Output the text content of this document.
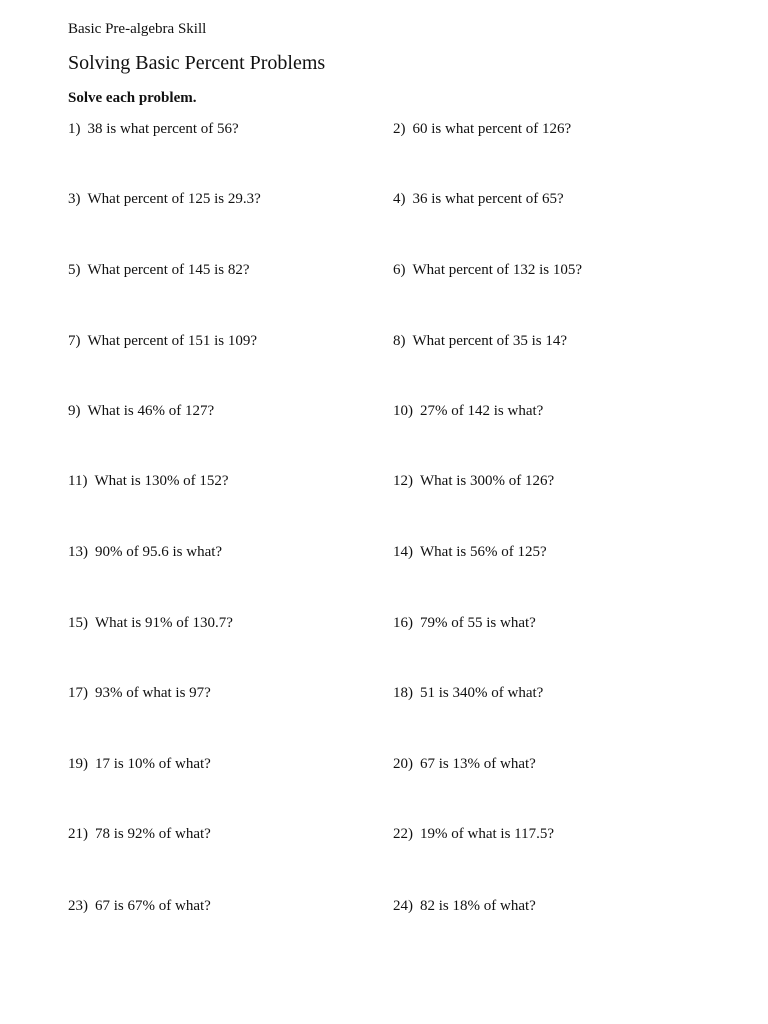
Basic Pre-algebra Skill
Solving Basic Percent Problems
Solve each problem.
1) 38 is what percent of 56?	2) 60 is what percent of 126?
3) What percent of 125 is 29.3?	4) 36 is what percent of 65?
5) What percent of 145 is 82?	6) What percent of 132 is 105?
7) What percent of 151 is 109?	8) What percent of 35 is 14?
9) What is 46% of 127?	10) 27% of 142 is what?
11) What is 130% of 152?	12) What is 300% of 126?
13) 90% of 95.6 is what?	14) What is 56% of 125?
15) What is 91% of 130.7?	16) 79% of 55 is what?
17) 93% of what is 97?	18) 51 is 340% of what?
19) 17 is 10% of what?	20) 67 is 13% of what?
21) 78 is 92% of what?	22) 19% of what is 117.5?
23) 67 is 67% of what?	24) 82 is 18% of what?
